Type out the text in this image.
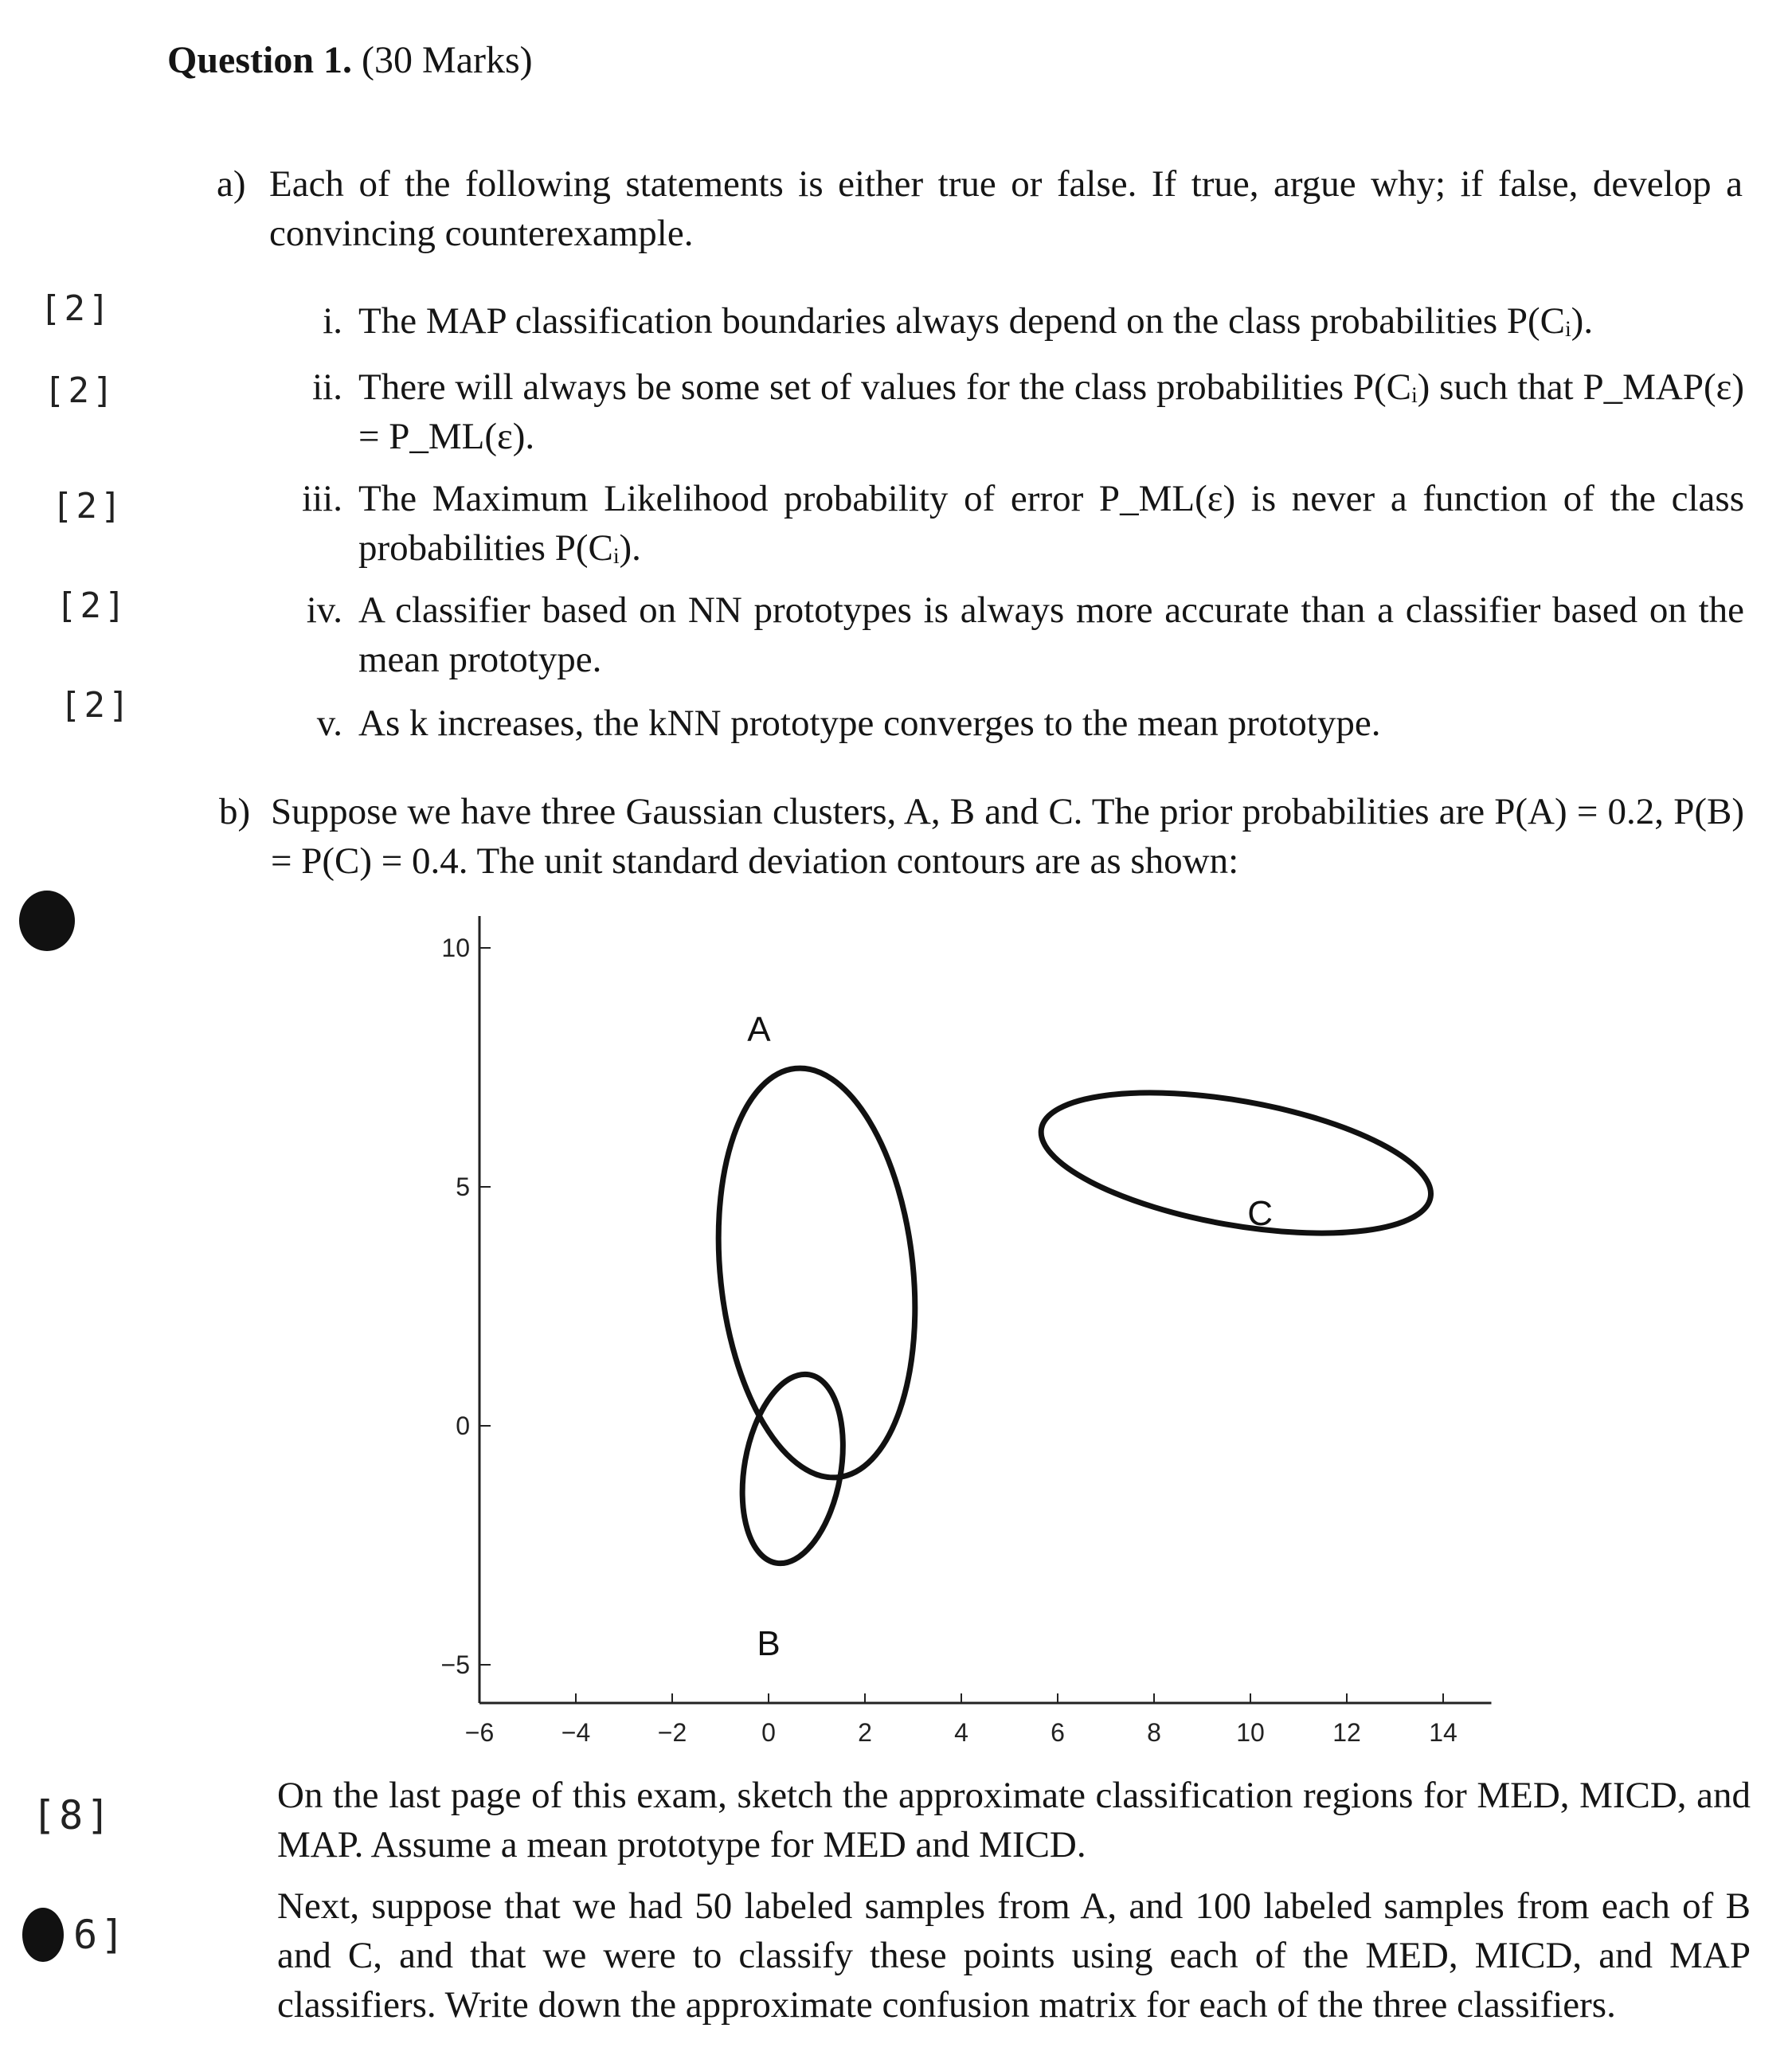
Question 1. (30 Marks)
a) Each of the following statements is either true or false. If true, argue why; if false, develop a convincing counterexample.
[2]	i. The MAP classification boundaries always depend on the class probabilities P(Cᵢ).
[2]	ii. There will always be some set of values for the class probabilities P(Cᵢ) such that P_MAP(ε) = P_ML(ε).
[2]	iii. The Maximum Likelihood probability of error P_ML(ε) is never a function of the class probabilities P(Cᵢ).
[2]	iv. A classifier based on NN prototypes is always more accurate than a classifier based on the mean prototype.
[2]	v. As k increases, the kNN prototype converges to the mean prototype.
b) Suppose we have three Gaussian clusters, A, B and C. The prior probabilities are P(A) = 0.2, P(B) = P(C) = 0.4. The unit standard deviation contours are as shown:
−6	−4	−2	0	2	4	6	8	10	12	14
10
5
0
−5
A
B
C
[8]	On the last page of this exam, sketch the approximate classification regions for MED, MICD, and MAP. Assume a mean prototype for MED and MICD.
6]
Next, suppose that we had 50 labeled samples from A, and 100 labeled samples from each of B and C, and that we were to classify these points using each of the MED, MICD, and MAP classifiers. Write down the approximate confusion matrix for each of the three classifiers.
